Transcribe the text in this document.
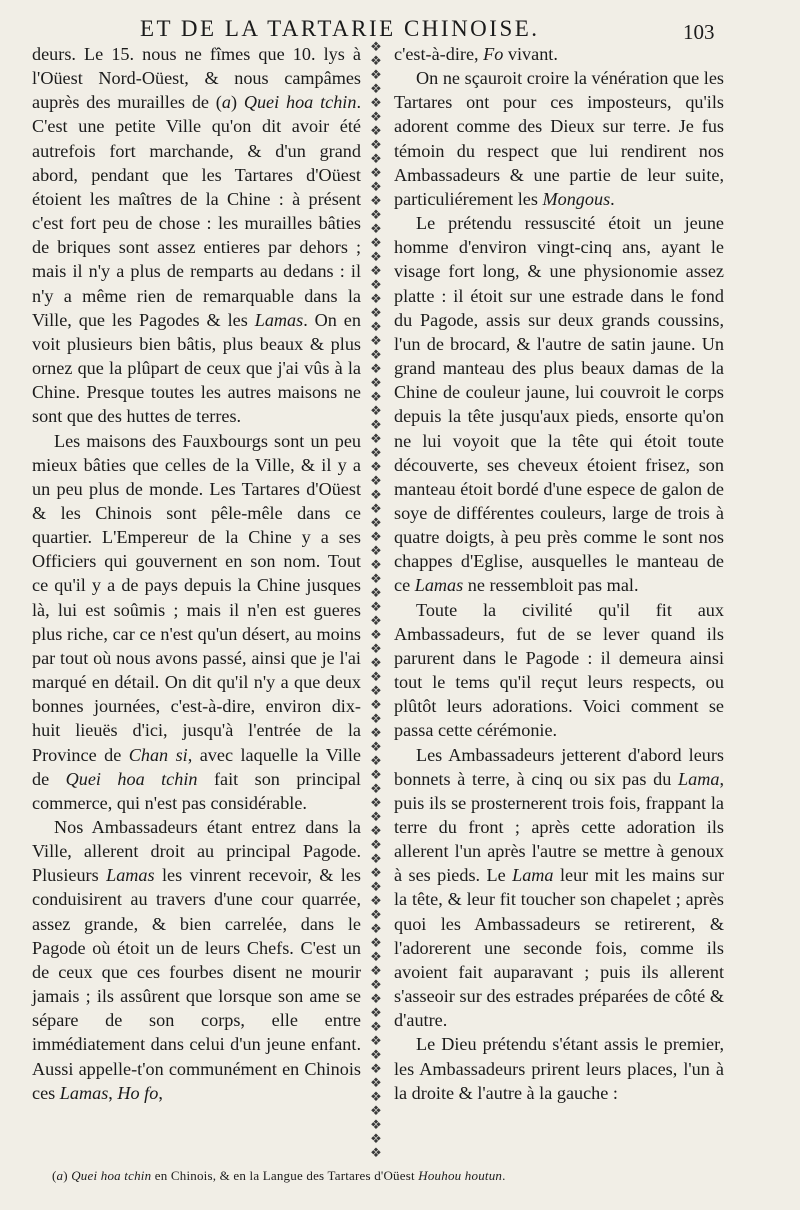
ET DE LA TARTARIE CHINOISE.	103

deurs. Le 15. nous ne fîmes que 10. lys à l'Oüest Nord-Oüest, & nous campâmes auprès des murailles de (a) Quei hoa tchin. C'est une petite Ville qu'on dit avoir été autrefois fort marchande, & d'un grand abord, pendant que les Tartares d'Oüest étoient les maîtres de la Chine : à présent c'est fort peu de chose : les murailles bâties de briques sont assez entieres par dehors ; mais il n'y a plus de remparts au dedans : il n'y a même rien de remarquable dans la Ville, que les Pagodes & les Lamas. On en voit plusieurs bien bâtis, plus beaux & plus ornez que la plûpart de ceux que j'ai vûs à la Chine. Presque toutes les autres maisons ne sont que des huttes de terres.

Les maisons des Fauxbourgs sont un peu mieux bâties que celles de la Ville, & il y a un peu plus de monde. Les Tartares d'Oüest & les Chinois sont pêle-mêle dans ce quartier. L'Empereur de la Chine y a ses Officiers qui gouvernent en son nom. Tout ce qu'il y a de pays depuis la Chine jusques là, lui est soûmis ; mais il n'en est gueres plus riche, car ce n'est qu'un désert, au moins par tout où nous avons passé, ainsi que je l'ai marqué en détail. On dit qu'il n'y a que deux bonnes journées, c'est-à-dire, environ dix-huit lieuës d'ici, jusqu'à l'entrée de la Province de Chan si, avec laquelle la Ville de Quei hoa tchin fait son principal commerce, qui n'est pas considérable.

Nos Ambassadeurs étant entrez dans la Ville, allerent droit au principal Pagode. Plusieurs Lamas les vinrent recevoir, & les conduisirent au travers d'une cour quarrée, assez grande, & bien carrelée, dans le Pagode où étoit un de leurs Chefs. C'est un de ceux que ces fourbes disent ne mourir jamais ; ils assûrent que lorsque son ame se sépare de son corps, elle entre immédiatement dans celui d'un jeune enfant. Aussi appelle-t'on communément en Chinois ces Lamas, Ho fo,

❖
❖
❖
❖
❖
❖
❖
❖
❖
❖
❖
❖
❖
❖
❖
❖
❖
❖
❖
❖
❖
❖
❖
❖
❖
❖
❖
❖
❖
❖
❖
❖
❖
❖
❖
❖
❖
❖
❖
❖
❖
❖
❖
❖
❖
❖
❖
❖
❖
❖
❖
❖
❖
❖
❖
❖
❖
❖
❖
❖
❖
❖
❖
❖
❖
❖
❖
❖
❖
❖
❖
❖
❖
❖
❖
❖
❖
❖
❖
❖

c'est-à-dire, Fo vivant.

On ne sçauroit croire la vénération que les Tartares ont pour ces imposteurs, qu'ils adorent comme des Dieux sur terre. Je fus témoin du respect que lui rendirent nos Ambassadeurs & une partie de leur suite, particuliérement les Mongous.

Le prétendu ressuscité étoit un jeune homme d'environ vingt-cinq ans, ayant le visage fort long, & une physionomie assez platte : il étoit sur une estrade dans le fond du Pagode, assis sur deux grands coussins, l'un de brocard, & l'autre de satin jaune. Un grand manteau des plus beaux damas de la Chine de couleur jaune, lui couvroit le corps depuis la tête jusqu'aux pieds, ensorte qu'on ne lui voyoit que la tête qui étoit toute découverte, ses cheveux étoient frisez, son manteau étoit bordé d'une espece de galon de soye de différentes couleurs, large de trois à quatre doigts, à peu près comme le sont nos chappes d'Eglise, ausquelles le manteau de ce Lamas ne ressembloit pas mal.

Toute la civilité qu'il fit aux Ambassadeurs, fut de se lever quand ils parurent dans le Pagode : il demeura ainsi tout le tems qu'il reçut leurs respects, ou plûtôt leurs adorations. Voici comment se passa cette cérémonie.

Les Ambassadeurs jetterent d'abord leurs bonnets à terre, à cinq ou six pas du Lama, puis ils se prosternerent trois fois, frappant la terre du front ; après cette adoration ils allerent l'un après l'autre se mettre à genoux à ses pieds. Le Lama leur mit les mains sur la tête, & leur fit toucher son chapelet ; après quoi les Ambassadeurs se retirerent, & l'adorerent une seconde fois, comme ils avoient fait auparavant ; puis ils allerent s'asseoir sur des estrades préparées de côté & d'autre.

Le Dieu prétendu s'étant assis le premier, les Ambassadeurs prirent leurs places, l'un à la droite & l'autre à la gauche :

(a) Quei hoa tchin en Chinois, & en la Langue des Tartares d'Oüest Houhou houtun.
